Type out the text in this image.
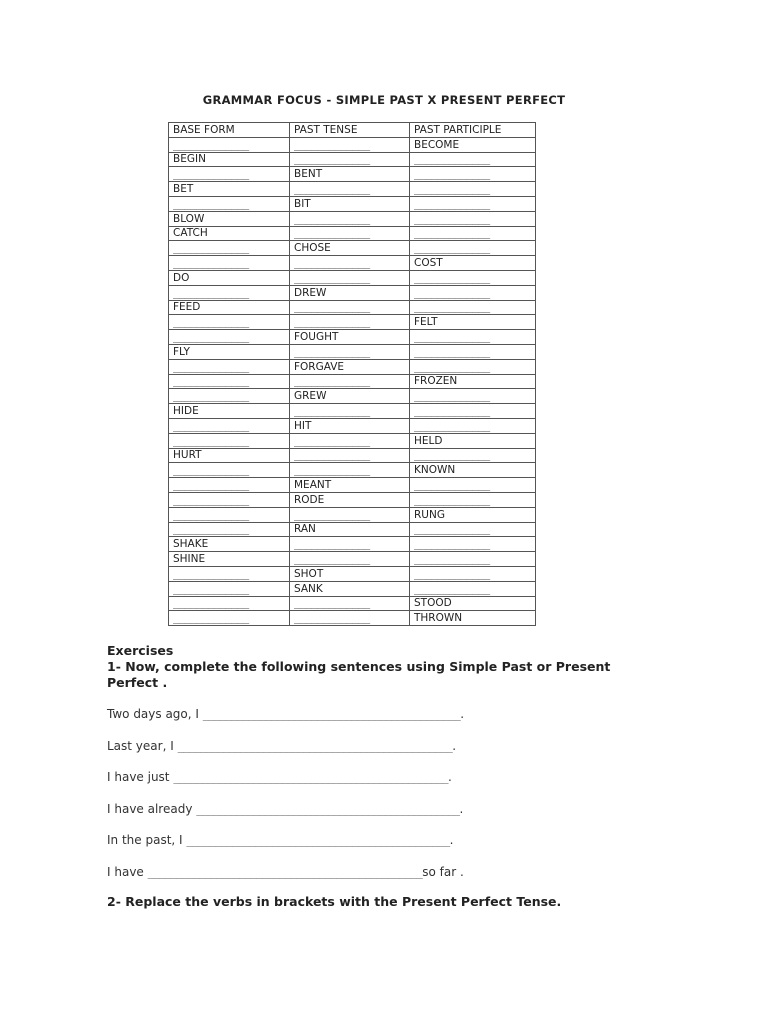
GRAMMAR FOCUS - SIMPLE PAST X PRESENT PERFECT
BASE FORM	PAST TENSE	PAST PARTICIPLE
_____________	_____________	BECOME
BEGIN	_____________	_____________
_____________	BENT	_____________
BET	_____________	_____________
_____________	BIT	_____________
BLOW	_____________	_____________
CATCH	_____________	_____________
_____________	CHOSE	_____________
_____________	_____________	COST
DO	_____________	_____________
_____________	DREW	_____________
FEED	_____________	_____________
_____________	_____________	FELT
_____________	FOUGHT	_____________
FLY	_____________	_____________
_____________	FORGAVE	_____________
_____________	_____________	FROZEN
_____________	GREW	_____________
HIDE	_____________	_____________
_____________	HIT	_____________
_____________	_____________	HELD
HURT	_____________	_____________
_____________	_____________	KNOWN
_____________	MEANT	_____________
_____________	RODE	_____________
_____________	_____________	RUNG
_____________	RAN	_____________
SHAKE	_____________	_____________
SHINE	_____________	_____________
_____________	SHOT	_____________
_____________	SANK	_____________
_____________	_____________	STOOD
_____________	_____________	THROWN

Exercises

1- Now, complete the following sentences using Simple Past or Present Perfect .

Two days ago, I _____________________________________________.

Last year, I ________________________________________________.

I have just ________________________________________________.

I have already ______________________________________________.

In the past, I ______________________________________________.

I have ________________________________________________so far .

2- Replace the verbs in brackets with the Present Perfect Tense.
